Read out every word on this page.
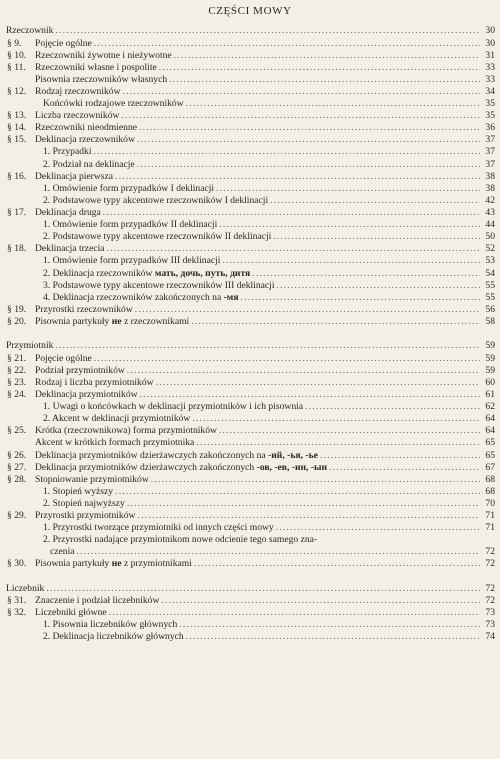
CZĘŚCI MOWY
Rzeczownik .....	30
§ 9. Pojęcie ogólne .....	30
§ 10. Rzeczowniki żywotne i nieżywotne .....	31
§ 11. Rzeczowniki własne i pospolite .....	33
Pisownia rzeczowników własnych .....	33
§ 12. Rodzaj rzeczowników .....	34
Końcówki rodzajowe rzeczowników .....	35
§ 13. Liczba rzeczowników .....	35
§ 14. Rzeczowniki nieodmienne .....	36
§ 15. Deklinacja rzeczowników .....	37
1. Przypadki .....	37
2. Podział na deklinacje .....	37
§ 16. Deklinacja pierwsza .....	38
1. Omówienie form przypadków I deklinacji .....	38
2. Podstawowe typy akcentowe rzeczowników I deklinacji .....	42
§ 17. Deklinacja druga .....	43
1. Omówienie form przypadków II deklinacji .....	44
2. Podstawowe typy akcentowe rzeczowników II deklinacji .....	50
§ 18. Deklinacja trzecia .....	52
1. Omówienie form przypadków III deklinacji .....	53
2. Deklinacja rzeczowników мать, дочь, путь, дитя .....	54
3. Podstawowe typy akcentowe rzeczowników III deklinacji .....	55
4. Deklinacja rzeczowników zakończonych na -мя .....	55
§ 19. Przyrostki rzeczowników .....	56
§ 20. Pisownia partykuły не z rzeczownikami .....	58
Przymiotnik .....	59
§ 21. Pojęcie ogólne .....	59
§ 22. Podział przymiotników .....	59
§ 23. Rodzaj i liczba przymiotników .....	60
§ 24. Deklinacja przymiotników .....	61
1. Uwagi o końcówkach w deklinacji przymiotników i ich pisownia .....	62
2. Akcent w deklinacji przymiotników .....	64
§ 25. Krótka (rzeczownikowa) forma przymiotników .....	64
Akcent w krótkich formach przymiotnika .....	65
§ 26. Deklinacja przymiotników dzierżawczych zakończonych na -ий, -ья, -ье .....	65
§ 27. Deklinacja przymiotników dzierżawczych zakończonych -ов, -ев, -ин, -ын .....	67
§ 28. Stopniowanie przymiotników .....	68
1. Stopień wyższy .....	68
2. Stopień najwyższy .....	70
§ 29. Przyrostki przymiotników .....	71
1. Przyrostki tworzące przymiotniki od innych części mowy .....	71
2. Przyrostki nadające przymiotnikom nowe odcienie tego samego zna-
czenia .....	72
§ 30. Pisownia partykuły не z przymiotnikami .....	72
Liczebnik .....	72
§ 31. Znaczenie i podział liczebników .....	72
§ 32. Liczebniki główne .....	73
1. Pisownia liczebników głównych .....	73
2. Deklinacja liczebników głównych .....	74
